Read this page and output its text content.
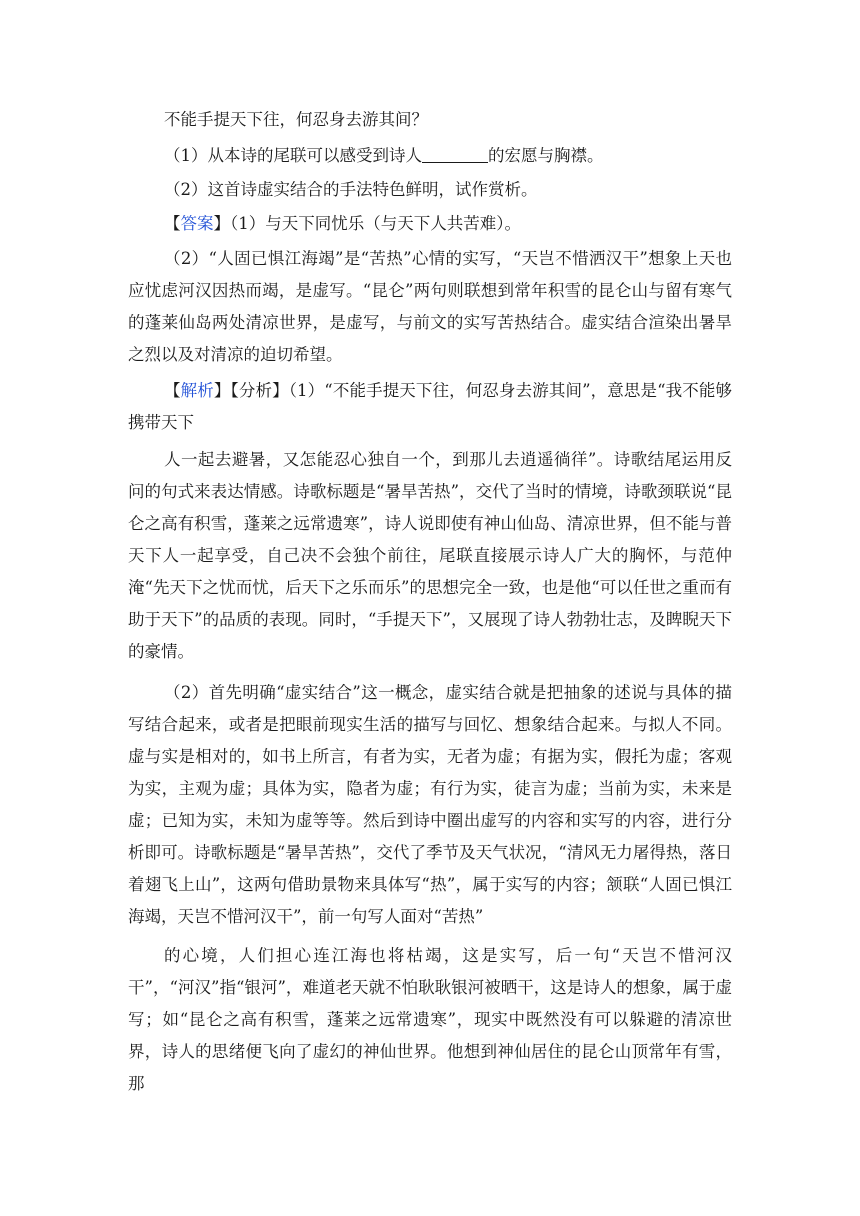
不能手提天下往，何忍身去游其间？

（1）从本诗的尾联可以感受到诗人	的宏愿与胸襟。

（2）这首诗虚实结合的手法特色鲜明，试作赏析。

【答案】（1）与天下同忧乐（与天下人共苦难）。

（2）“人固已惧江海竭”是“苦热”心情的实写，“天岂不惜洒汉干”想象上天也应忧虑河汉因热而竭，是虚写。“昆仑”两句则联想到常年积雪的昆仑山与留有寒气的蓬莱仙岛两处清凉世界，是虚写，与前文的实写苦热结合。虚实结合渲染出暑旱之烈以及对清凉的迫切希望。

【解析】【分析】（1）“不能手提天下往，何忍身去游其间”，意思是“我不能够携带天下

人一起去避暑，又怎能忍心独自一个，到那儿去逍遥徜徉”。诗歌结尾运用反问的句式来表达情感。诗歌标题是“暑旱苦热”，交代了当时的情境，诗歌颈联说“昆仑之高有积雪，蓬莱之远常遗寒”，诗人说即使有神山仙岛、清凉世界，但不能与普天下人一起享受，自己决不会独个前往，尾联直接展示诗人广大的胸怀，与范仲淹“先天下之忧而忧，后天下之乐而乐”的思想完全一致，也是他“可以任世之重而有助于天下”的品质的表现。同时，“手提天下”，又展现了诗人勃勃壮志，及睥睨天下的豪情。

（2）首先明确“虚实结合”这一概念，虚实结合就是把抽象的述说与具体的描写结合起来，或者是把眼前现实生活的描写与回忆、想象结合起来。与拟人不同。虚与实是相对的，如书上所言，有者为实，无者为虚；有据为实，假托为虚；客观为实，主观为虚；具体为实，隐者为虚；有行为实，徒言为虚；当前为实，未来是虚；已知为实，未知为虚等等。然后到诗中圈出虚写的内容和实写的内容，进行分析即可。诗歌标题是“暑旱苦热”，交代了季节及天气状况，“清风无力屠得热，落日着翅飞上山”，这两句借助景物来具体写“热”，属于实写的内容；颔联“人固已惧江海竭，天岂不惜河汉干”，前一句写人面对“苦热”

的心境，人们担心连江海也将枯竭，这是实写，后一句“天岂不惜河汉干”，“河汉”指“银河”，难道老天就不怕耿耿银河被晒干，这是诗人的想象，属于虚写；如“昆仑之高有积雪，蓬莱之远常遗寒”，现实中既然没有可以躲避的清凉世界，诗人的思绪便飞向了虚幻的神仙世界。他想到神仙居住的昆仑山顶常年有雪，那
